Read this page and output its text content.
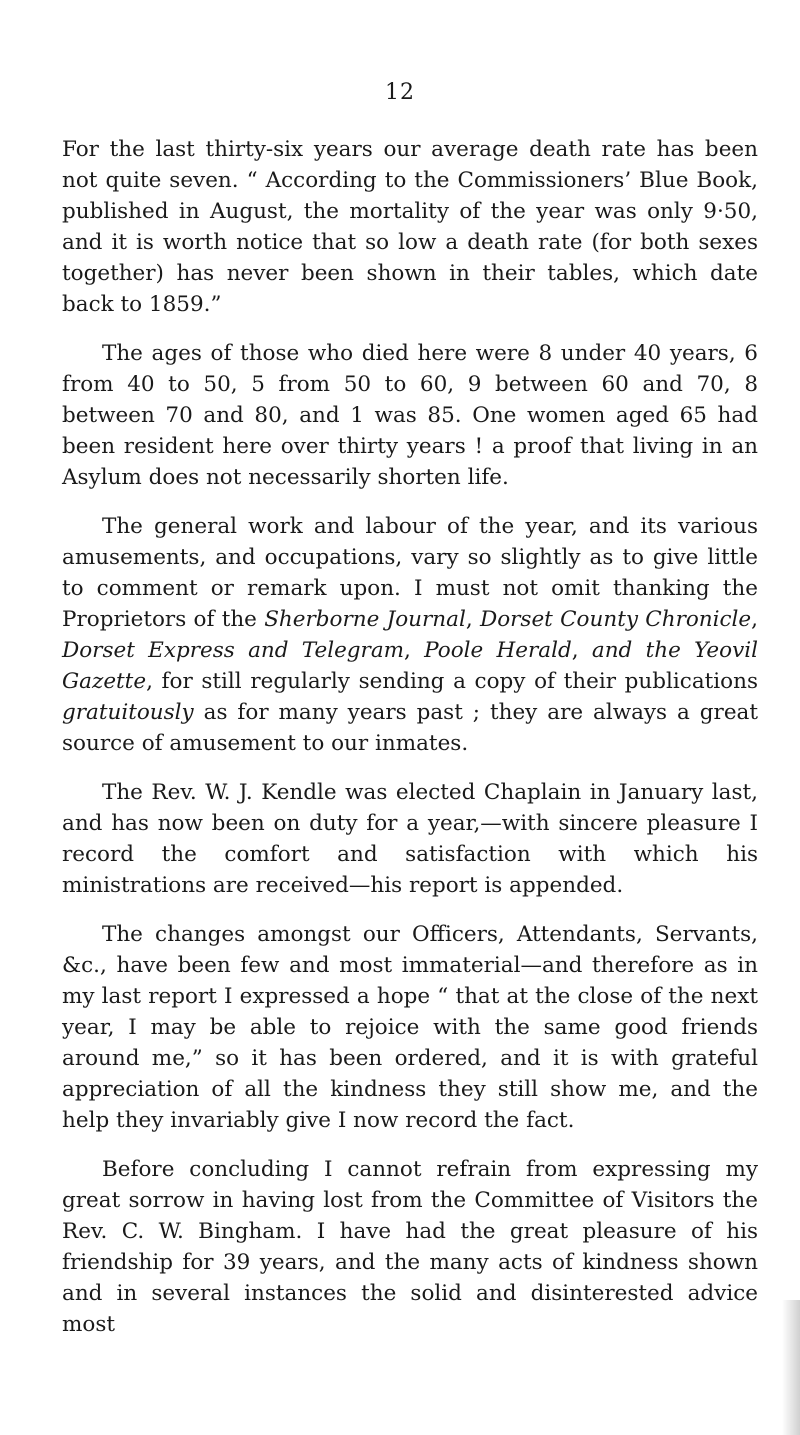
12

For the last thirty-six years our average death rate has been not quite seven. “ According to the Commissioners’ Blue Book, published in August, the mortality of the year was only 9·50, and it is worth notice that so low a death rate (for both sexes together) has never been shown in their tables, which date back to 1859.”

The ages of those who died here were 8 under 40 years, 6 from 40 to 50, 5 from 50 to 60, 9 between 60 and 70, 8 between 70 and 80, and 1 was 85. One women aged 65 had been resident here over thirty years ! a proof that living in an Asylum does not necessarily shorten life.

The general work and labour of the year, and its various amusements, and occupations, vary so slightly as to give little to comment or remark upon. I must not omit thanking the Proprietors of the Sherborne Journal, Dorset County Chronicle, Dorset Express and Telegram, Poole Herald, and the Yeovil Gazette, for still regularly sending a copy of their publications gratuitously as for many years past ; they are always a great source of amusement to our inmates.

The Rev. W. J. Kendle was elected Chaplain in January last, and has now been on duty for a year,—with sincere pleasure I record the comfort and satisfaction with which his ministrations are received—his report is appended.

The changes amongst our Officers, Attendants, Servants, &c., have been few and most immaterial—and therefore as in my last report I expressed a hope “ that at the close of the next year, I may be able to rejoice with the same good friends around me,” so it has been ordered, and it is with grateful appreciation of all the kindness they still show me, and the help they invariably give I now record the fact.

Before concluding I cannot refrain from expressing my great sorrow in having lost from the Committee of Visitors the Rev. C. W. Bingham. I have had the great pleasure of his friendship for 39 years, and the many acts of kindness shown and in several instances the solid and disinterested advice most
